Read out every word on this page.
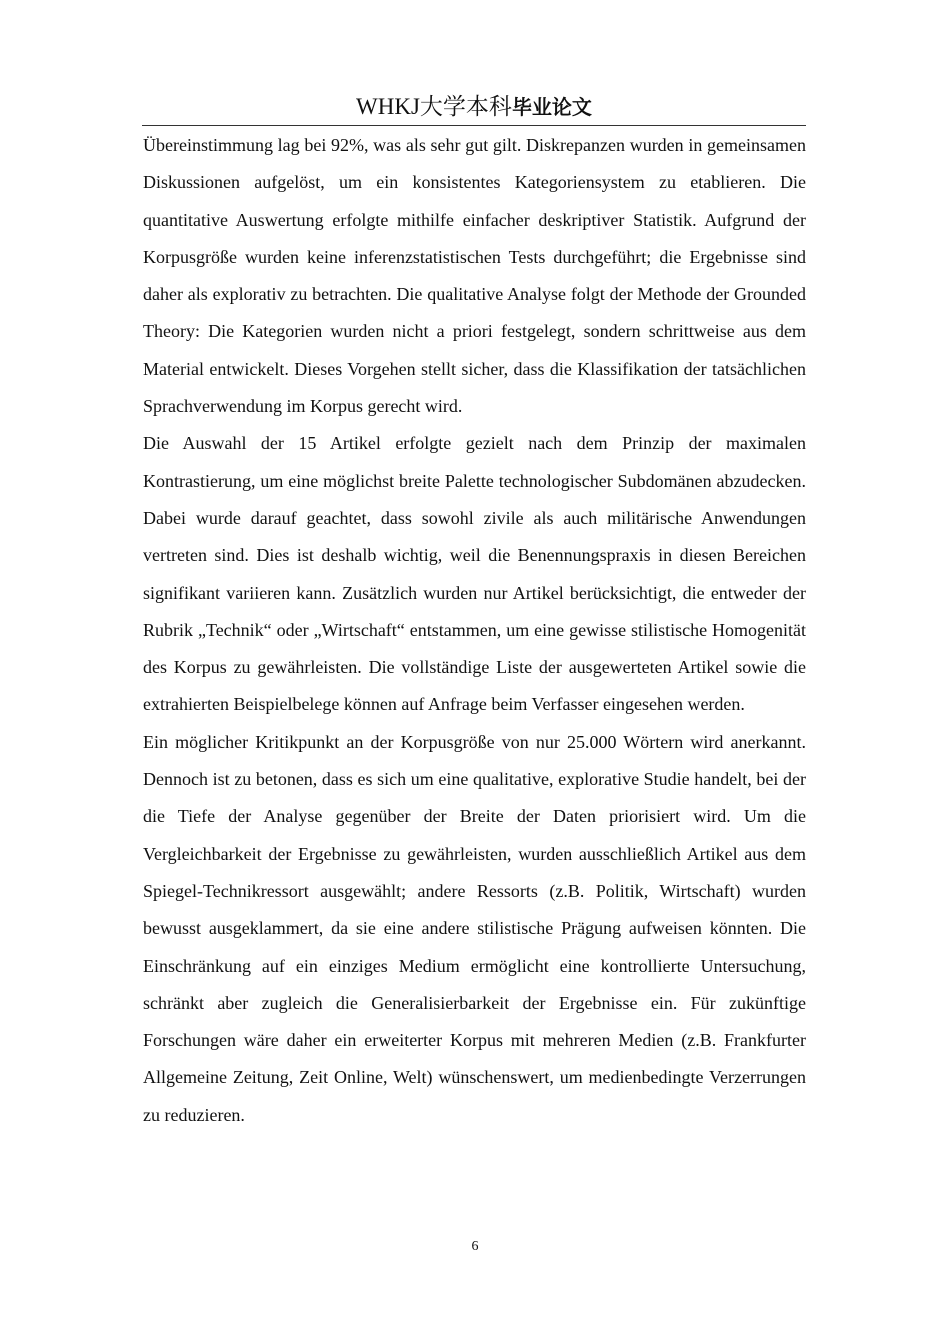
WHKJ大学本科毕业论文

Übereinstimmung lag bei 92%, was als sehr gut gilt. Diskrepanzen wurden in gemeinsamen Diskussionen aufgelöst, um ein konsistentes Kategoriensystem zu etablieren. Die quantitative Auswertung erfolgte mithilfe einfacher deskriptiver Statistik. Aufgrund der Korpusgröße wurden keine inferenzstatistischen Tests durchgeführt; die Ergebnisse sind daher als explorativ zu betrachten. Die qualitative Analyse folgt der Methode der Grounded Theory: Die Kategorien wurden nicht a priori festgelegt, sondern schrittweise aus dem Material entwickelt. Dieses Vorgehen stellt sicher, dass die Klassifikation der tatsächlichen Sprachverwendung im Korpus gerecht wird.

Die Auswahl der 15 Artikel erfolgte gezielt nach dem Prinzip der maximalen Kontrastierung, um eine möglichst breite Palette technologischer Subdomänen abzudecken. Dabei wurde darauf geachtet, dass sowohl zivile als auch militärische Anwendungen vertreten sind. Dies ist deshalb wichtig, weil die Benennungspraxis in diesen Bereichen signifikant variieren kann. Zusätzlich wurden nur Artikel berücksichtigt, die entweder der Rubrik „Technik“ oder „Wirtschaft“ entstammen, um eine gewisse stilistische Homogenität des Korpus zu gewährleisten. Die vollständige Liste der ausgewerteten Artikel sowie die extrahierten Beispielbelege können auf Anfrage beim Verfasser eingesehen werden.

Ein möglicher Kritikpunkt an der Korpusgröße von nur 25.000 Wörtern wird anerkannt. Dennoch ist zu betonen, dass es sich um eine qualitative, explorative Studie handelt, bei der die Tiefe der Analyse gegenüber der Breite der Daten priorisiert wird. Um die Vergleichbarkeit der Ergebnisse zu gewährleisten, wurden ausschließlich Artikel aus dem Spiegel-Technikressort ausgewählt; andere Ressorts (z.B. Politik, Wirtschaft) wurden bewusst ausgeklammert, da sie eine andere stilistische Prägung aufweisen könnten. Die Einschränkung auf ein einziges Medium ermöglicht eine kontrollierte Untersuchung, schränkt aber zugleich die Generalisierbarkeit der Ergebnisse ein. Für zukünftige Forschungen wäre daher ein erweiterter Korpus mit mehreren Medien (z.B. Frankfurter Allgemeine Zeitung, Zeit Online, Welt) wünschenswert, um medienbedingte Verzerrungen zu reduzieren.

6
